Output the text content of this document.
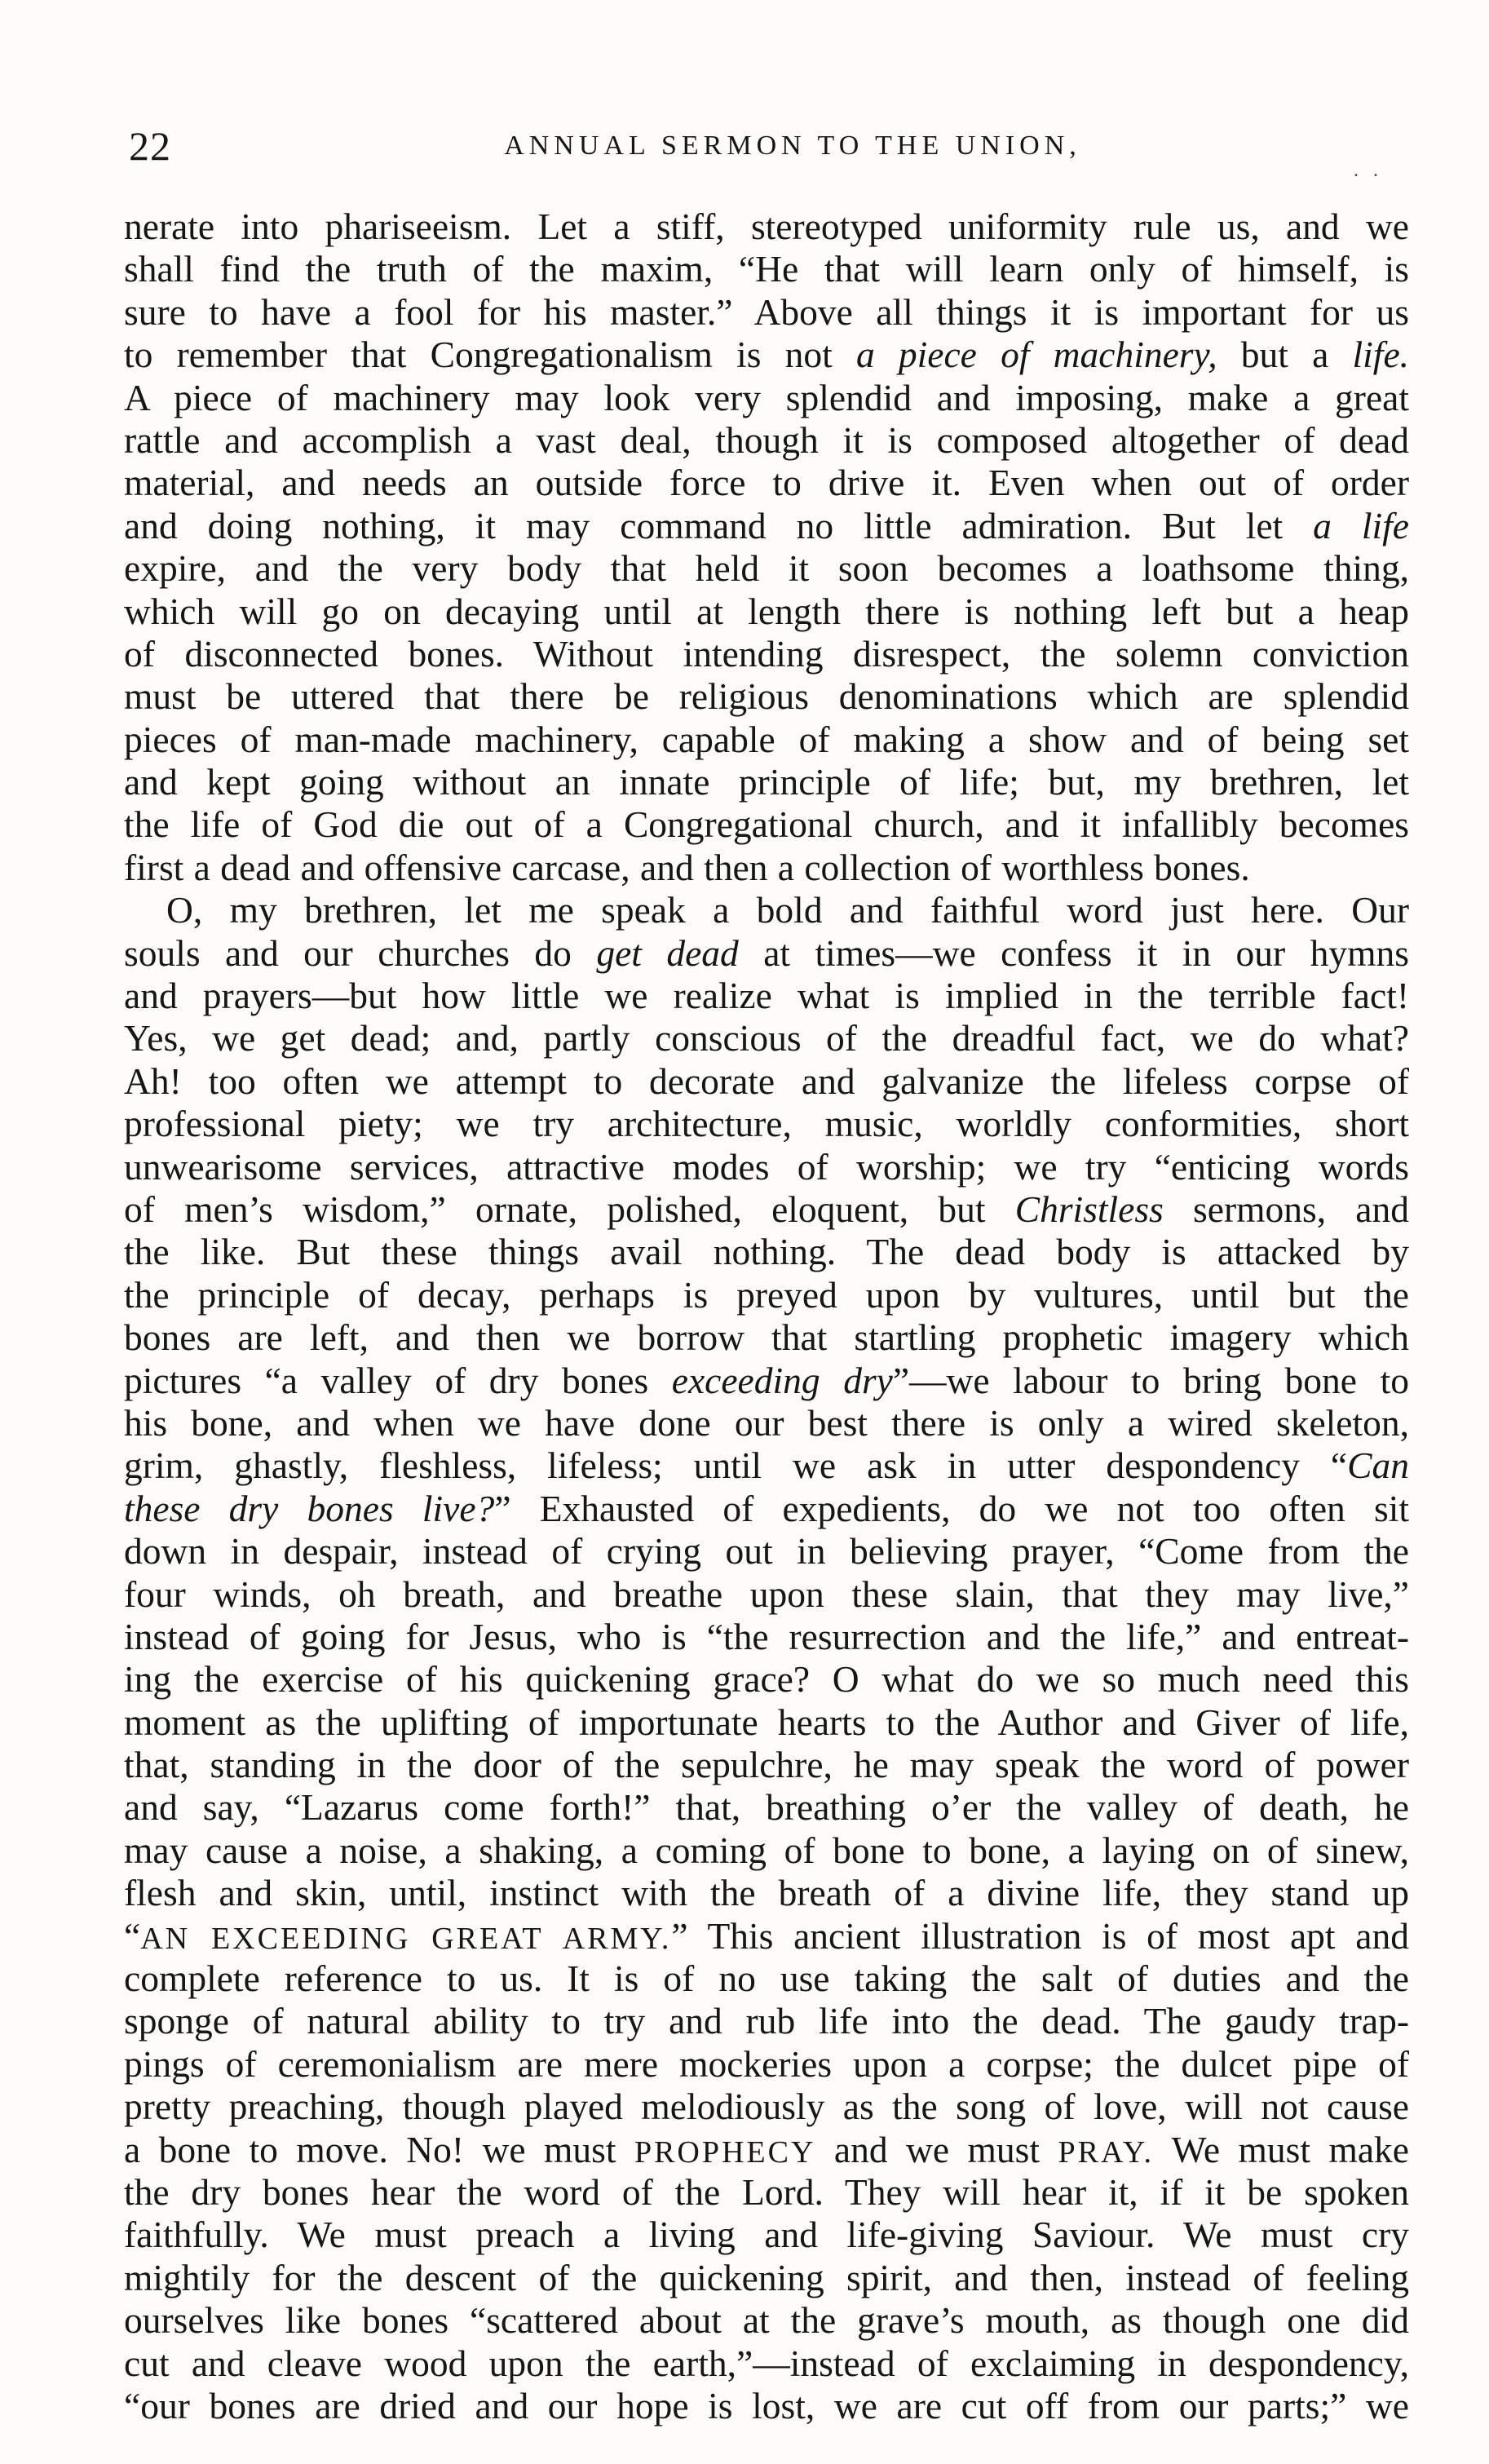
22	ANNUAL SERMON TO THE UNION,
. .
nerate into phariseeism. Let a stiff, stereotyped uniformity rule us, and we
shall find the truth of the maxim, “He that will learn only of himself, is
sure to have a fool for his master.” Above all things it is important for us
to remember that Congregationalism is not a piece of machinery, but a life.
A piece of machinery may look very splendid and imposing, make a great
rattle and accomplish a vast deal, though it is composed altogether of dead
material, and needs an outside force to drive it. Even when out of order
and doing nothing, it may command no little admiration. But let a life
expire, and the very body that held it soon becomes a loathsome thing,
which will go on decaying until at length there is nothing left but a heap
of disconnected bones. Without intending disrespect, the solemn conviction
must be uttered that there be religious denominations which are splendid
pieces of man-made machinery, capable of making a show and of being set
and kept going without an innate principle of life; but, my brethren, let
the life of God die out of a Congregational church, and it infallibly becomes
first a dead and offensive carcase, and then a collection of worthless bones.
O, my brethren, let me speak a bold and faithful word just here. Our
souls and our churches do get dead at times—we confess it in our hymns
and prayers—but how little we realize what is implied in the terrible fact!
Yes, we get dead; and, partly conscious of the dreadful fact, we do what?
Ah! too often we attempt to decorate and galvanize the lifeless corpse of
professional piety; we try architecture, music, worldly conformities, short
unwearisome services, attractive modes of worship; we try “enticing words
of men’s wisdom,” ornate, polished, eloquent, but Christless sermons, and
the like. But these things avail nothing. The dead body is attacked by
the principle of decay, perhaps is preyed upon by vultures, until but the
bones are left, and then we borrow that startling prophetic imagery which
pictures “a valley of dry bones exceeding dry”—we labour to bring bone to
his bone, and when we have done our best there is only a wired skeleton,
grim, ghastly, fleshless, lifeless; until we ask in utter despondency “Can
these dry bones live?” Exhausted of expedients, do we not too often sit
down in despair, instead of crying out in believing prayer, “Come from the
four winds, oh breath, and breathe upon these slain, that they may live,”
instead of going for Jesus, who is “the resurrection and the life,” and entreat-
ing the exercise of his quickening grace? O what do we so much need this
moment as the uplifting of importunate hearts to the Author and Giver of life,
that, standing in the door of the sepulchre, he may speak the word of power
and say, “Lazarus come forth!” that, breathing o’er the valley of death, he
may cause a noise, a shaking, a coming of bone to bone, a laying on of sinew,
flesh and skin, until, instinct with the breath of a divine life, they stand up
“AN EXCEEDING GREAT ARMY.” This ancient illustration is of most apt and
complete reference to us. It is of no use taking the salt of duties and the
sponge of natural ability to try and rub life into the dead. The gaudy trap-
pings of ceremonialism are mere mockeries upon a corpse; the dulcet pipe of
pretty preaching, though played melodiously as the song of love, will not cause
a bone to move. No! we must PROPHECY and we must PRAY. We must make
the dry bones hear the word of the Lord. They will hear it, if it be spoken
faithfully. We must preach a living and life-giving Saviour. We must cry
mightily for the descent of the quickening spirit, and then, instead of feeling
ourselves like bones “scattered about at the grave’s mouth, as though one did
cut and cleave wood upon the earth,”—instead of exclaiming in despondency,
“our bones are dried and our hope is lost, we are cut off from our parts;” we
